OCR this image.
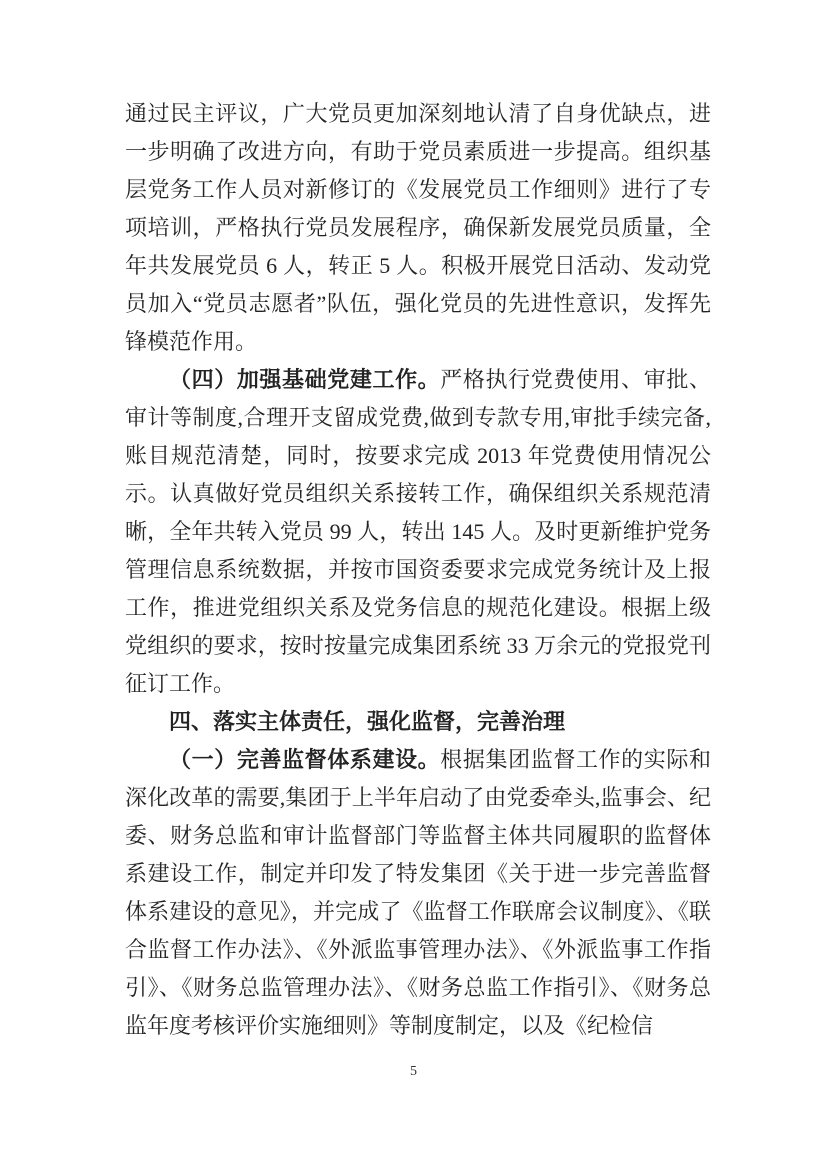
通过民主评议，广大党员更加深刻地认清了自身优缺点，进一步明确了改进方向，有助于党员素质进一步提高。组织基层党务工作人员对新修订的《发展党员工作细则》进行了专项培训，严格执行党员发展程序，确保新发展党员质量，全年共发展党员 6 人，转正 5 人。积极开展党日活动、发动党员加入“党员志愿者”队伍，强化党员的先进性意识，发挥先锋模范作用。

（四）加强基础党建工作。严格执行党费使用、审批、审计等制度,合理开支留成党费,做到专款专用,审批手续完备,账目规范清楚，同时，按要求完成 2013 年党费使用情况公示。认真做好党员组织关系接转工作，确保组织关系规范清晰，全年共转入党员 99 人，转出 145 人。及时更新维护党务管理信息系统数据，并按市国资委要求完成党务统计及上报工作，推进党组织关系及党务信息的规范化建设。根据上级党组织的要求，按时按量完成集团系统 33 万余元的党报党刊征订工作。

四、落实主体责任，强化监督，完善治理

（一）完善监督体系建设。根据集团监督工作的实际和深化改革的需要,集团于上半年启动了由党委牵头,监事会、纪委、财务总监和审计监督部门等监督主体共同履职的监督体系建设工作，制定并印发了特发集团《关于进一步完善监督体系建设的意见》，并完成了《监督工作联席会议制度》、《联合监督工作办法》、《外派监事管理办法》、《外派监事工作指引》、《财务总监管理办法》、《财务总监工作指引》、《财务总监年度考核评价实施细则》等制度制定，以及《纪检信

5
